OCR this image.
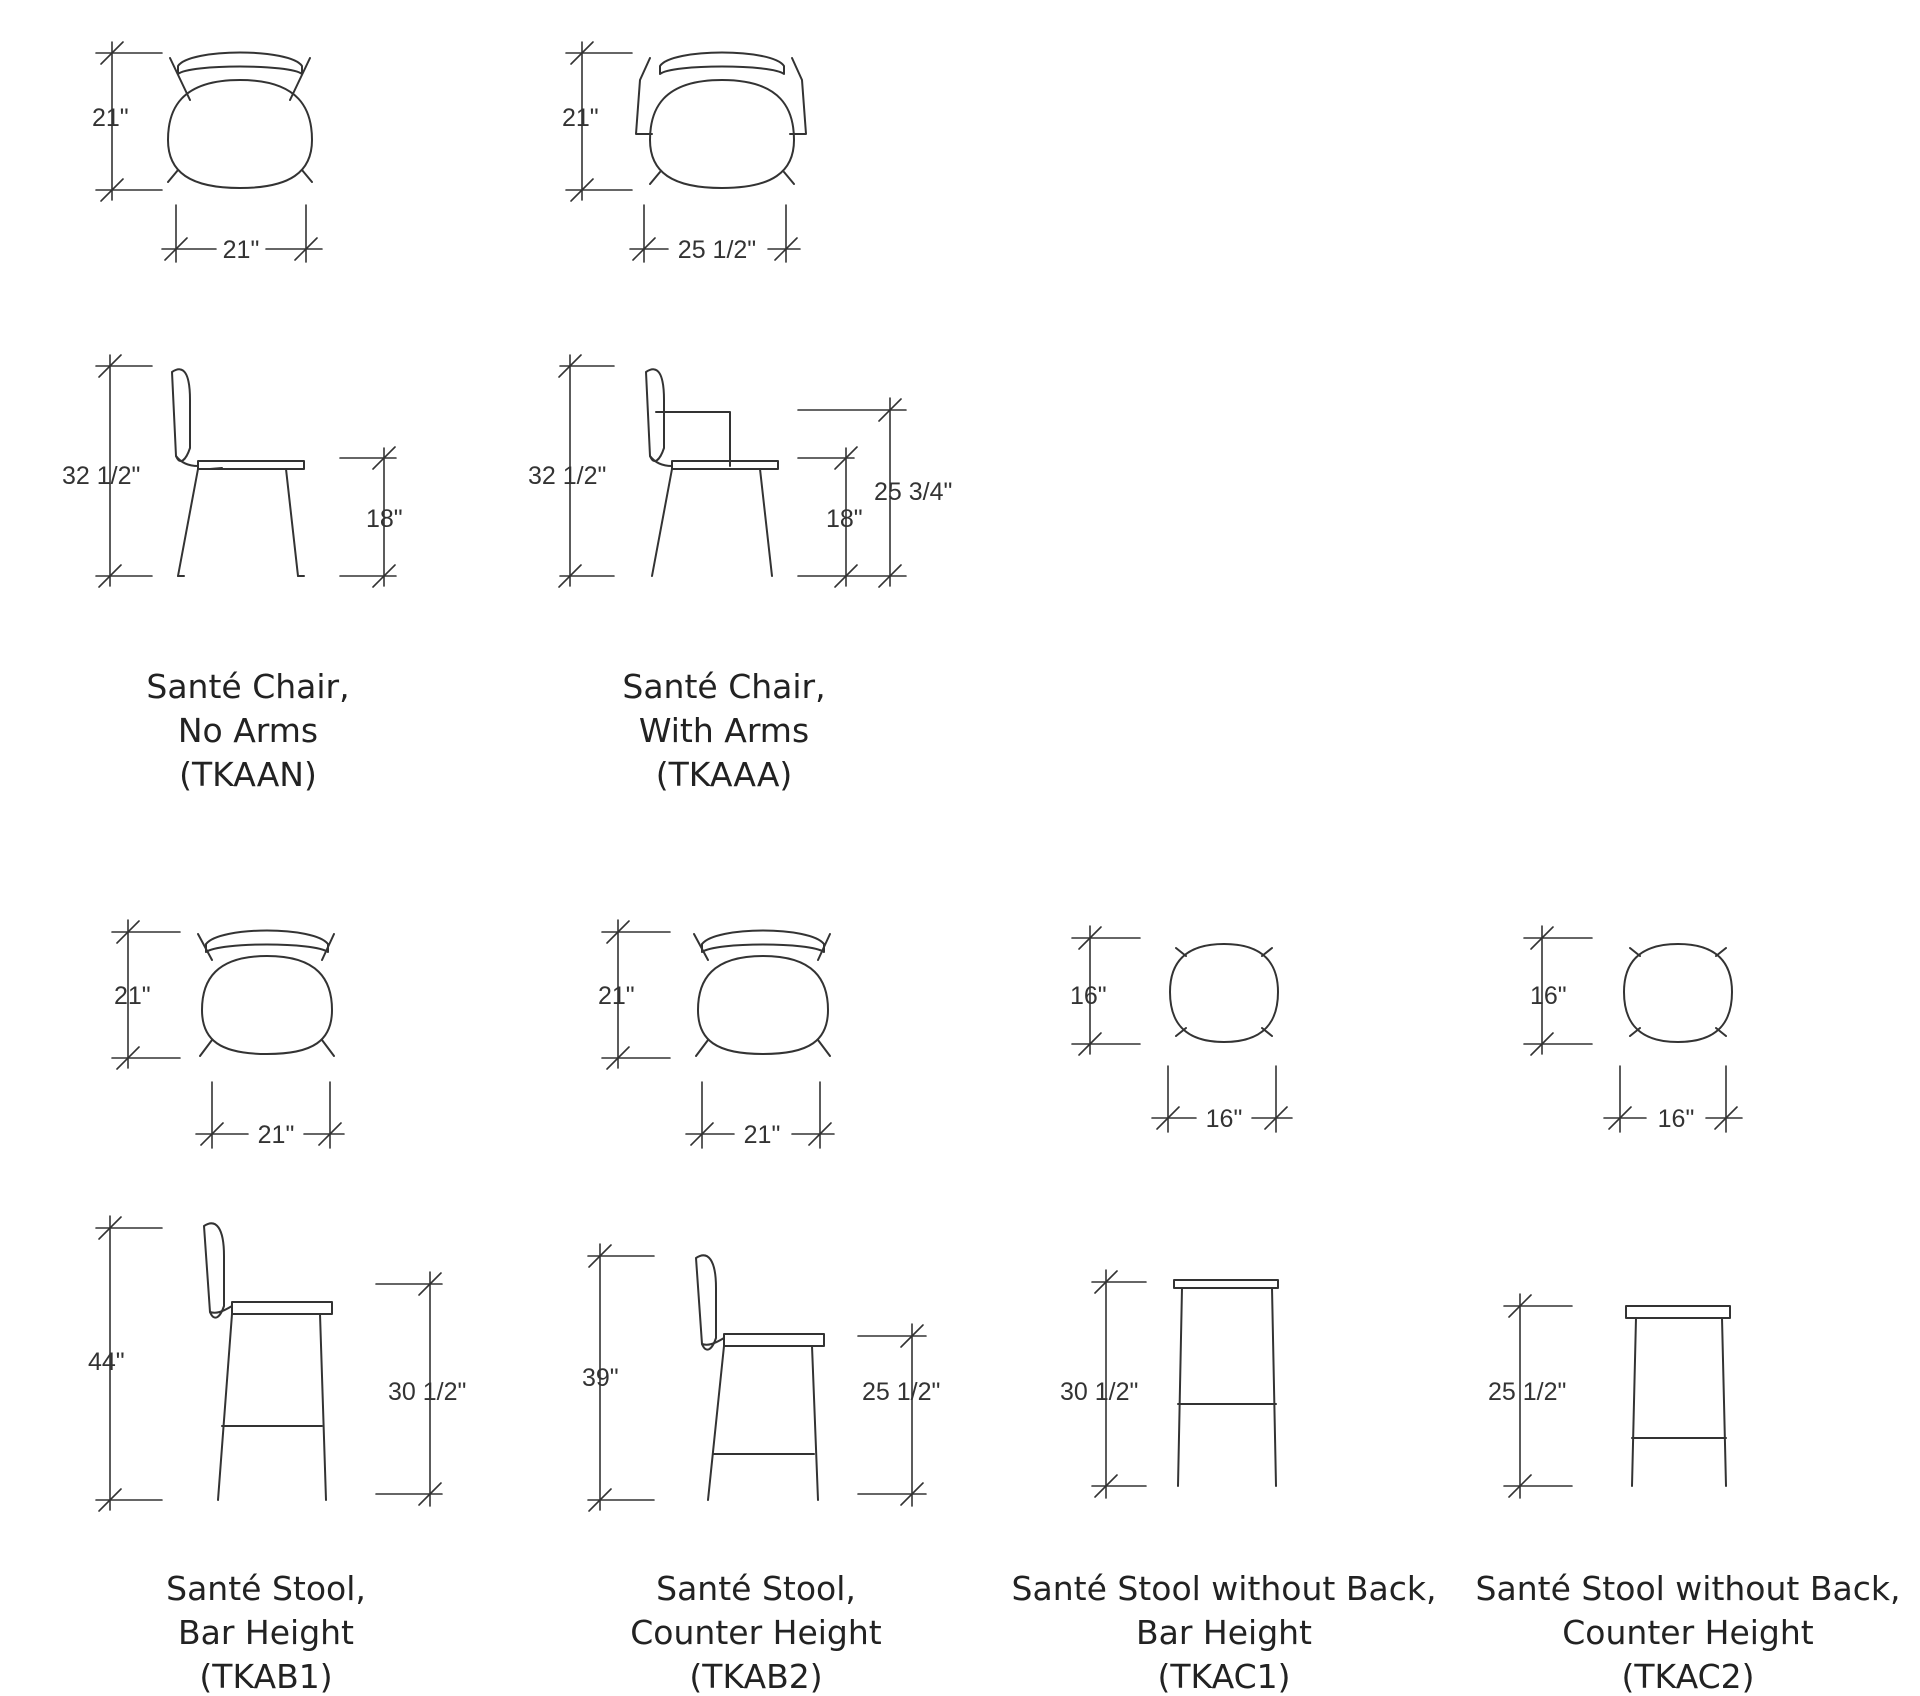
21"
21"
32 1/2"
18"
Santé Chair,
No Arms
(TKAAN)
21"
25 1/2"
32 1/2"
18"
25 3/4"
Santé Chair,
With Arms
(TKAAA)
21"
21"
44"
30 1/2"
Santé Stool,
Bar Height
(TKAB1)
21"
21"
39"	25 1/2"
Santé Stool,
Counter Height
(TKAB2)
16"
16"
30 1/2"
Santé Stool without Back,
Bar Height
(TKAC1)
16"
16"
25 1/2"
Santé Stool without Back,
Counter Height
(TKAC2)
